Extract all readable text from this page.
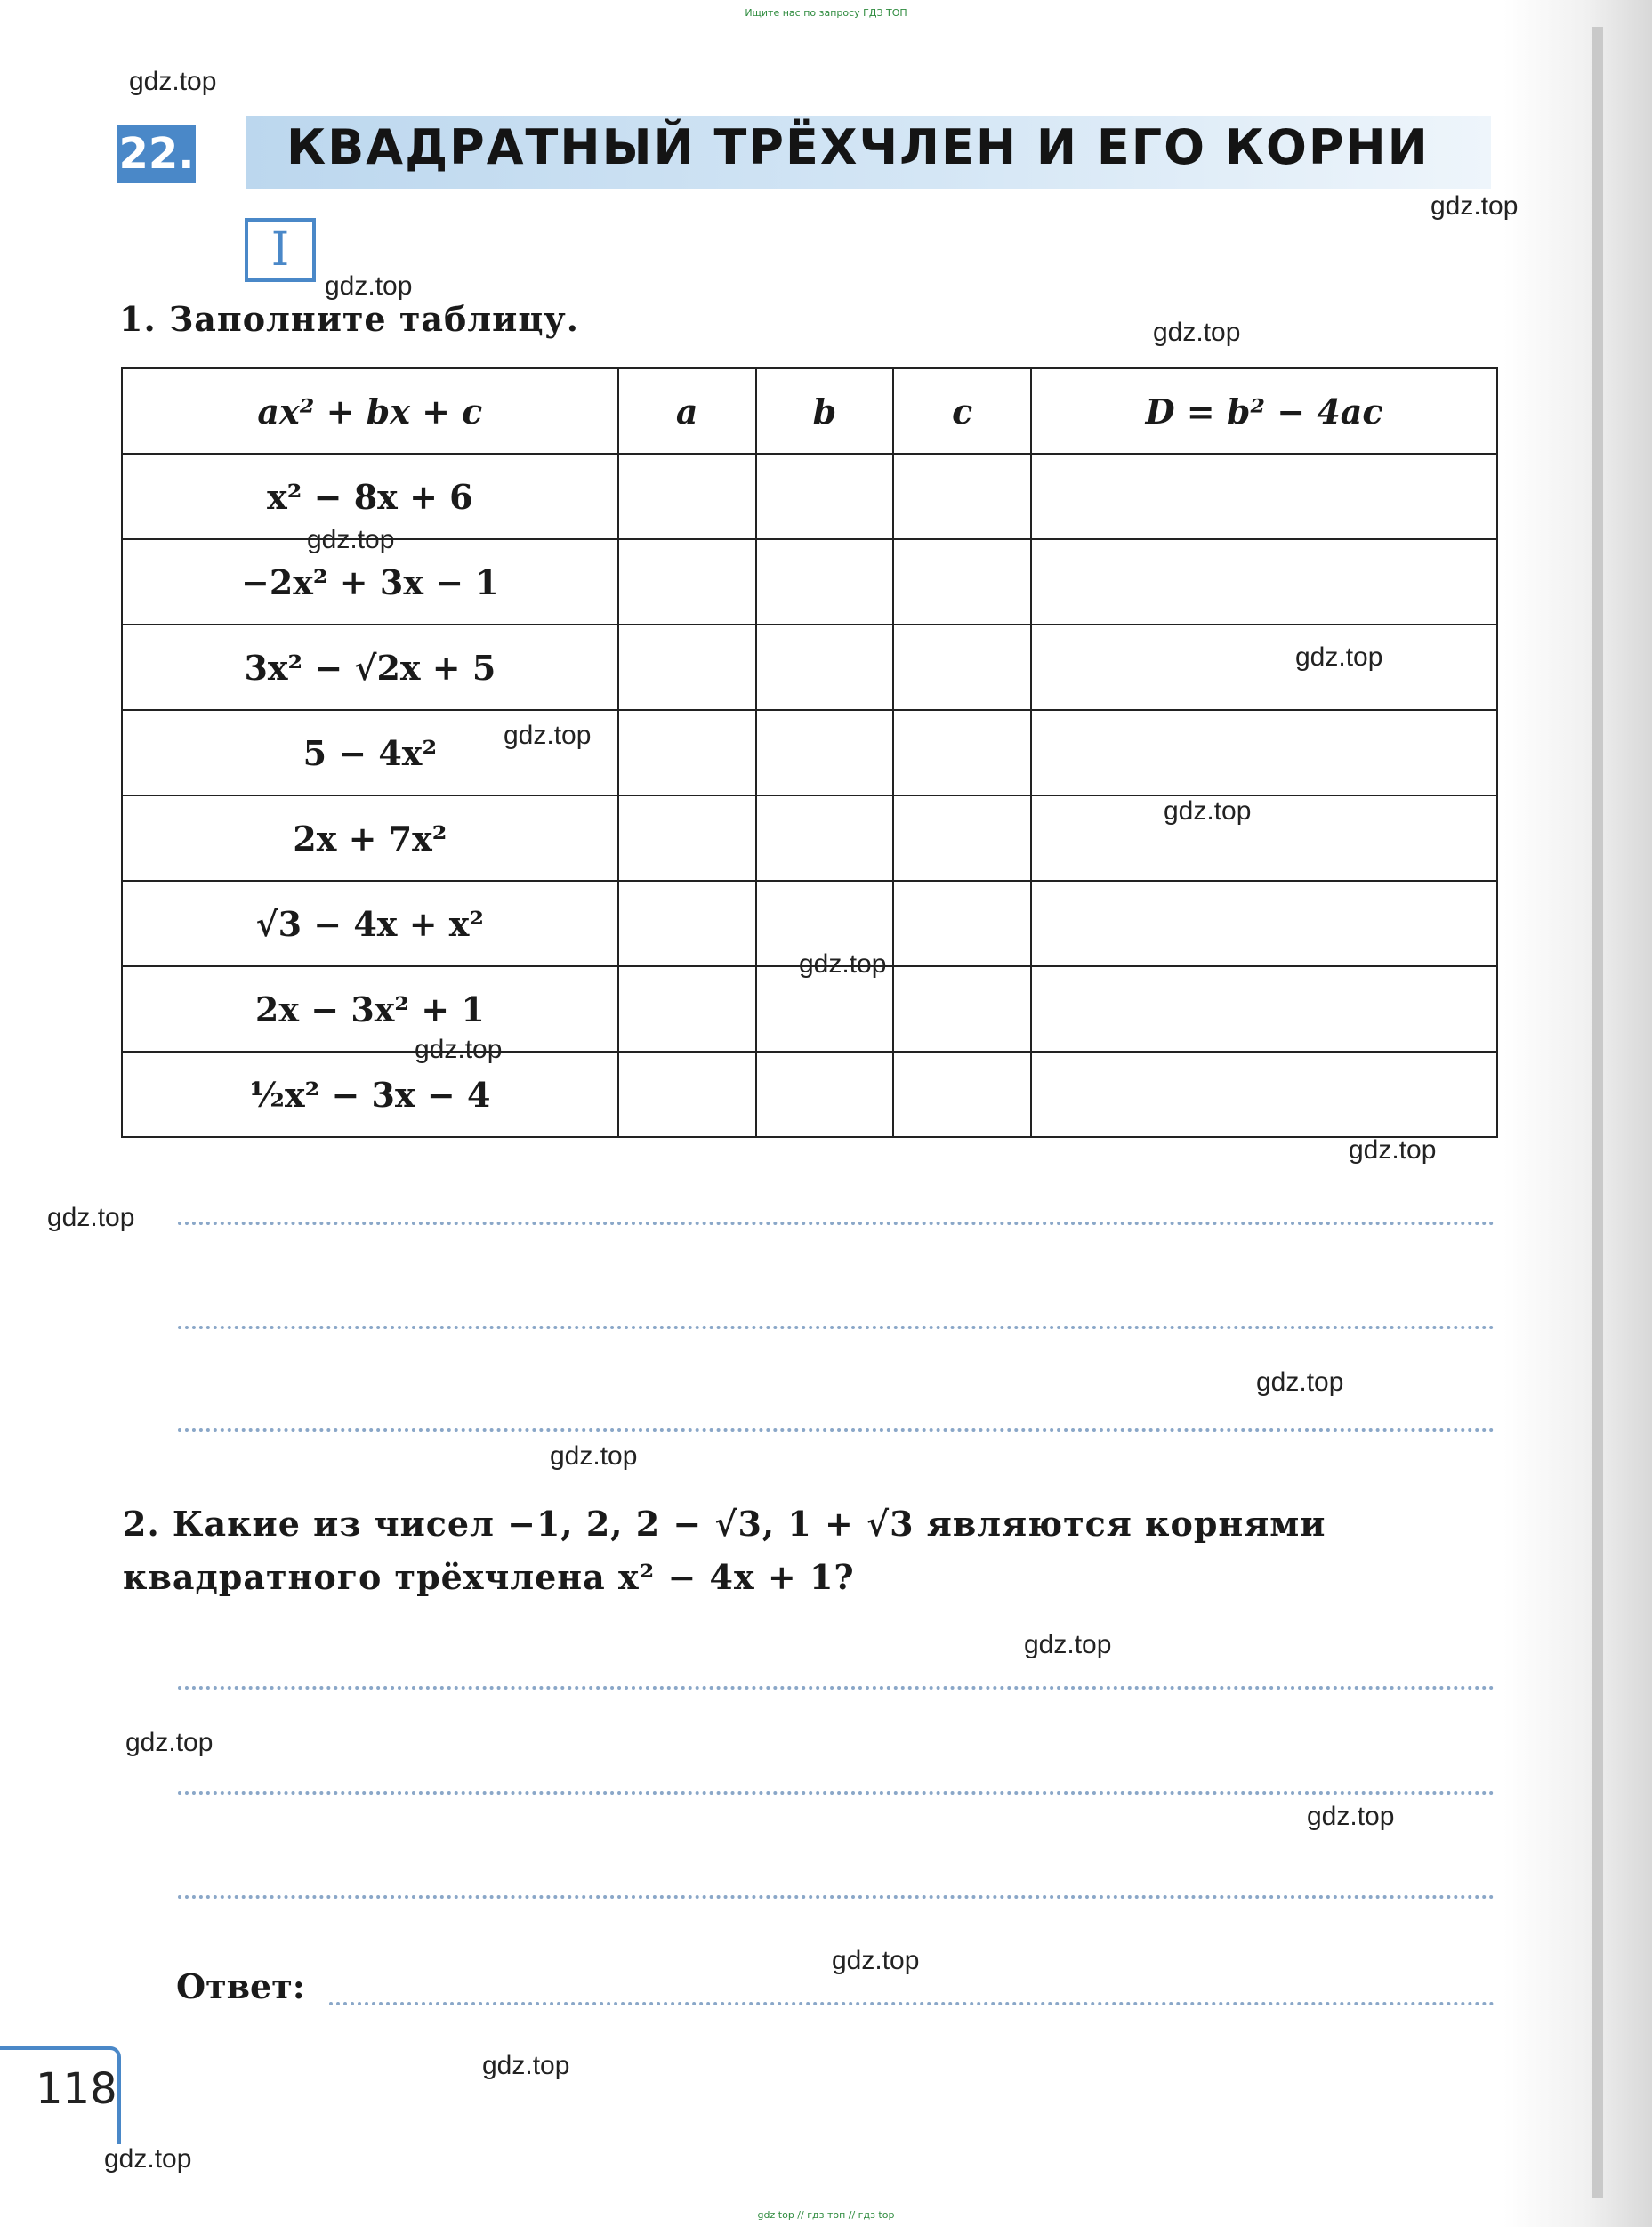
Ищите нас по запросу ГДЗ ТОП
22. КВАДРАТНЫЙ ТРЁХЧЛЕН И ЕГО КОРНИ
I
1. Заполните таблицу.
ax² + bx + c	a	b	c	D = b² − 4ac
x² − 8x + 6				
−2x² + 3x − 1				
3x² − √2x + 5				
5 − 4x²				
2x + 7x²				
√3 − 4x + x²				
2x − 3x² + 1				
½x² − 3x − 4				
2. Какие из чисел −1, 2, 2 − √3, 1 + √3 являются корнями квадратного трёхчлена x² − 4x + 1?
Ответ:
118
gdz.top
gdz.top
gdz.top
gdz.top
gdz.top
gdz.top
gdz.top
gdz.top
gdz.top
gdz.top
gdz.top
gdz.top
gdz.top
gdz.top
gdz.top
gdz.top
gdz.top
gdz.top
gdz.top
gdz.top
gdz top // гдз топ // гдз top
